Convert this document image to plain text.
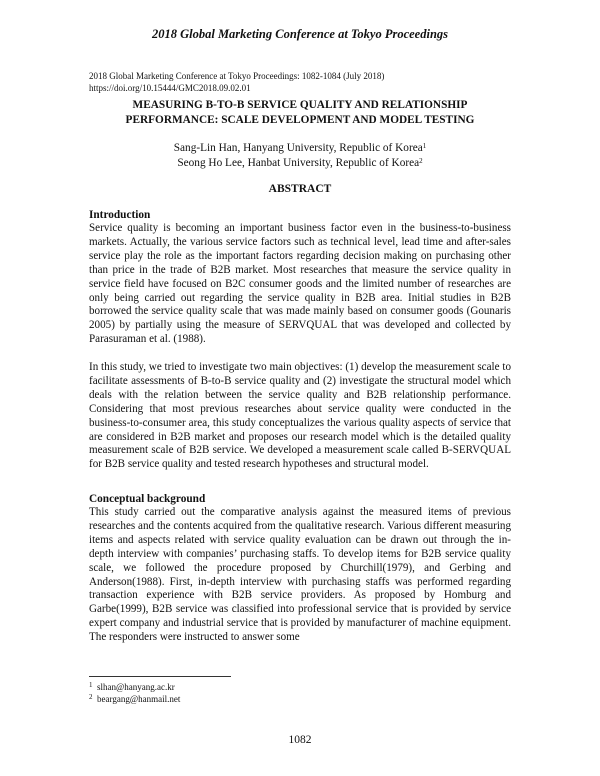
2018 Global Marketing Conference at Tokyo Proceedings
2018 Global Marketing Conference at Tokyo Proceedings: 1082-1084 (July 2018)
https://doi.org/10.15444/GMC2018.09.02.01
MEASURING B-TO-B SERVICE QUALITY AND RELATIONSHIP
PERFORMANCE: SCALE DEVELOPMENT AND MODEL TESTING
Sang-Lin Han, Hanyang University, Republic of Korea$^1$
Seong Ho Lee, Hanbat University, Republic of Korea$^2$
ABSTRACT
Introduction

Service quality is becoming an important business factor even in the business-to-business markets. Actually, the various service factors such as technical level, lead time and after-sales service play the role as the important factors regarding decision making on purchasing other than price in the trade of B2B market. Most researches that measure the service quality in service field have focused on B2C consumer goods and the limited number of researches are only being carried out regarding the service quality in B2B area. Initial studies in B2B borrowed the service quality scale that was made mainly based on consumer goods (Gounaris 2005) by partially using the measure of SERVQUAL that was developed and collected by Parasuraman et al. (1988).

In this study, we tried to investigate two main objectives: (1) develop the measurement scale to facilitate assessments of B-to-B service quality and (2) investigate the structural model which deals with the relation between the service quality and B2B relationship performance. Considering that most previous researches about service quality were conducted in the business-to-consumer area, this study conceptualizes the various quality aspects of service that are considered in B2B market and proposes our research model which is the detailed quality measurement scale of B2B service. We developed a measurement scale called B-SERVQUAL for B2B service quality and tested research hypotheses and structural model.

Conceptual background

This study carried out the comparative analysis against the measured items of previous researches and the contents acquired from the qualitative research. Various different measuring items and aspects related with service quality evaluation can be drawn out through the in-depth interview with companies’ purchasing staffs. To develop items for B2B service quality scale, we followed the procedure proposed by Churchill(1979), and Gerbing and Anderson(1988). First, in-depth interview with purchasing staffs was performed regarding transaction experience with B2B service providers. As proposed by Homburg and Garbe(1999), B2B service was classified into professional service that is provided by service expert company and industrial service that is provided by manufacturer of machine equipment. The responders were instructed to answer some

$^1$ slhan@hanyang.ac.kr
$^2$ beargang@hanmail.net
1082
